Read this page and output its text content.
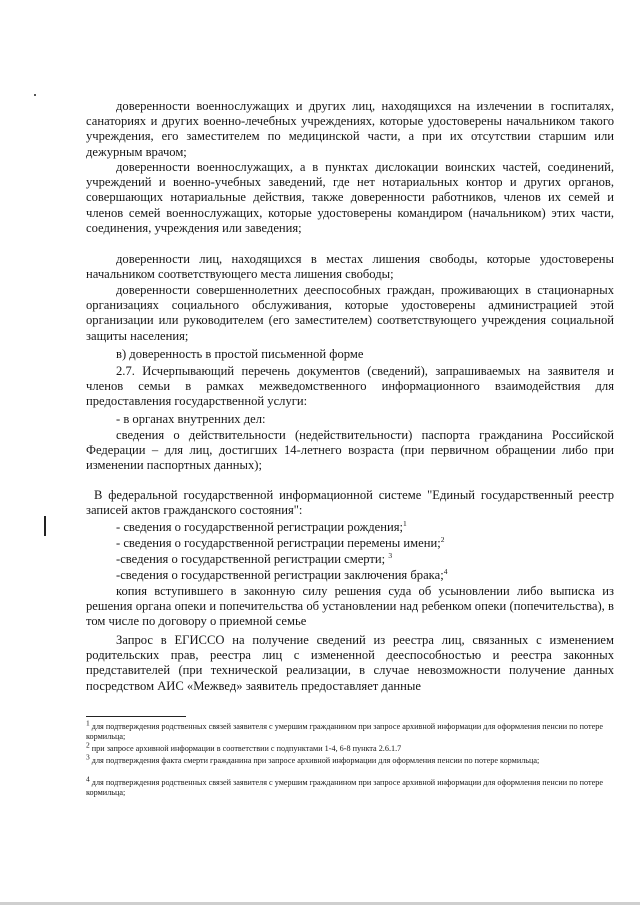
доверенности военнослужащих и других лиц, находящихся на излечении в госпиталях, санаториях и других военно-лечебных учреждениях, которые удостоверены начальником такого учреждения, его заместителем по медицинской части, а при их отсутствии старшим или дежурным врачом;

доверенности военнослужащих, а в пунктах дислокации воинских частей, соединений, учреждений и военно-учебных заведений, где нет нотариальных контор и других органов, совершающих нотариальные действия, также доверенности работников, членов их семей и членов семей военнослужащих, которые удостоверены командиром (начальником) этих части, соединения, учреждения или заведения;

доверенности лиц, находящихся в местах лишения свободы, которые удостоверены начальником соответствующего места лишения свободы;

доверенности совершеннолетних дееспособных граждан, проживающих в стационарных организациях социального обслуживания, которые удостоверены администрацией этой организации или руководителем (его заместителем) соответствующего учреждения социальной защиты населения;

в) доверенность в простой письменной форме

2.7. Исчерпывающий перечень документов (сведений), запрашиваемых на заявителя и членов семьи в рамках межведомственного информационного взаимодействия для предоставления государственной услуги:

- в органах внутренних дел:

сведения о действительности (недействительности) паспорта гражданина Российской Федерации – для лиц, достигших 14-летнего возраста (при первичном обращении либо при изменении паспортных данных);

В федеральной государственной информационной системе "Единый государственный реестр записей актов гражданского состояния":

- сведения о государственной регистрации рождения;$^1$

- сведения о государственной регистрации перемены имени;$^2$

-сведения о государственной регистрации смерти; $^3$

-сведения о государственной регистрации заключения брака;$^4$

копия вступившего в законную силу решения суда об усыновлении либо выписка из решения органа опеки и попечительства об установлении над ребенком опеки (попечительства), в том числе по договору о приемной семье

Запрос в ЕГИССО на получение сведений из реестра лиц, связанных с изменением родительских прав, реестра лиц с измененной дееспособностью и реестра законных представителей (при технической реализации, в случае невозможности получение данных посредством АИС «Межвед» заявитель предоставляет данные

$^1$ для подтверждения родственных связей заявителя с умершим гражданином при запросе архивной информации для оформления пенсии по потере кормильца;

$^2$ при запросе архивной информации в соответствии с подпунктами 1-4, 6-8 пункта 2.6.1.7

$^3$ для подтверждения факта смерти гражданина при запросе архивной информации для оформления пенсии по потере кормильца;

$^4$ для подтверждения родственных связей заявителя с умершим гражданином при запросе архивной информации для оформления пенсии по потере кормильца;
